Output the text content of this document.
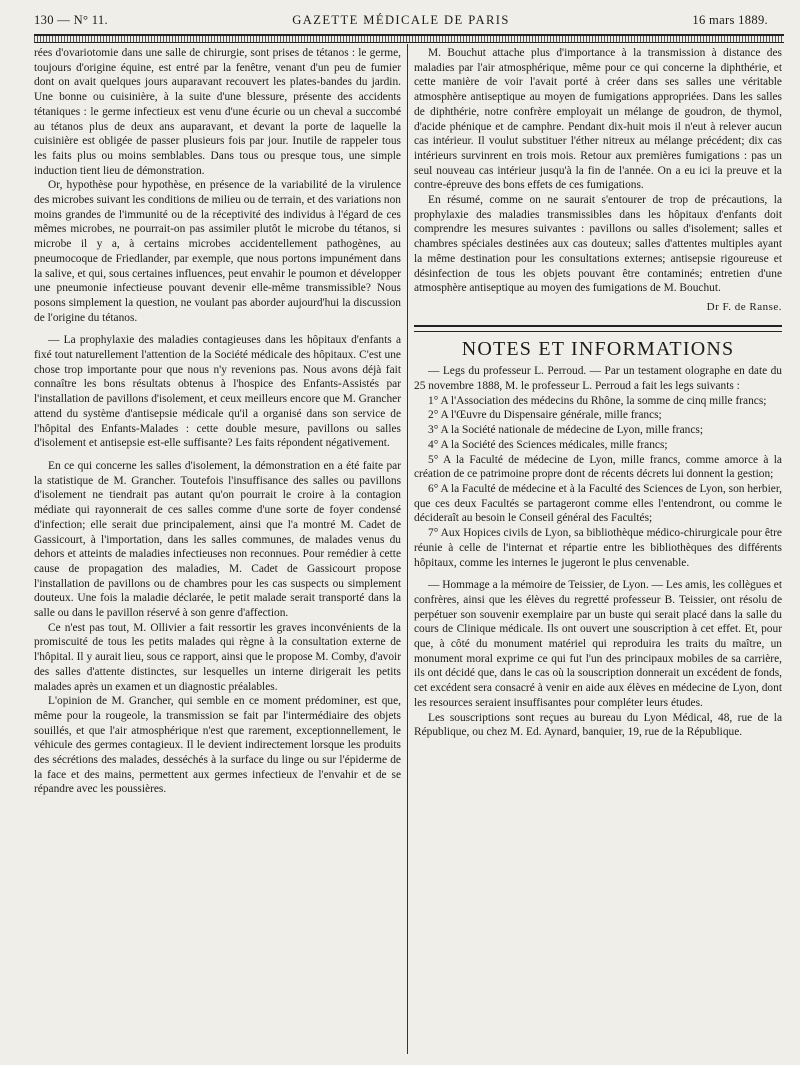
130 — N° 11.	GAZETTE MÉDICALE DE PARIS	16 mars 1889.

rées d'ovariotomie dans une salle de chirurgie, sont prises de tétanos : le germe, toujours d'origine équine, est entré par la fenêtre, venant d'un peu de fumier dont on avait quelques jours auparavant recouvert les plates-bandes du jardin. Une bonne ou cuisinière, à la suite d'une blessure, présente des accidents tétaniques : le germe infectieux est venu d'une écurie ou un cheval a succombé au tétanos plus de deux ans auparavant, et devant la porte de laquelle la cuisinière est obligée de passer plusieurs fois par jour. Inutile de rappeler tous les faits plus ou moins semblables. Dans tous ou presque tous, une simple induction tient lieu de démonstration.

Or, hypothèse pour hypothèse, en présence de la variabilité de la virulence des microbes suivant les conditions de milieu ou de terrain, et des variations non moins grandes de l'immunité ou de la réceptivité des individus à l'égard de ces mêmes microbes, ne pourrait-on pas assimiler plutôt le microbe du tétanos, si microbe il y a, à certains microbes accidentellement pathogènes, au pneumocoque de Friedlander, par exemple, que nous portons impunément dans la salive, et qui, sous certaines influences, peut envahir le poumon et développer une pneumonie infectieuse pouvant devenir elle-même transmissible? Nous posons simplement la question, ne voulant pas aborder aujourd'hui la discussion de l'origine du tétanos.

— La prophylaxie des maladies contagieuses dans les hôpitaux d'enfants a fixé tout naturellement l'attention de la Société médicale des hôpitaux. C'est une chose trop importante pour que nous n'y revenions pas. Nous avons déjà fait connaître les bons résultats obtenus à l'hospice des Enfants-Assistés par l'installation de pavillons d'isolement, et ceux meilleurs encore que M. Grancher attend du système d'antisepsie médicale qu'il a organisé dans son service de l'hôpital des Enfants-Malades : cette double mesure, pavillons ou salles d'isolement et antisepsie est-elle suffisante? Les faits répondent négativement.

En ce qui concerne les salles d'isolement, la démonstration en a été faite par la statistique de M. Grancher. Toutefois l'insuffisance des salles ou pavillons d'isolement ne tiendrait pas autant qu'on pourrait le croire à la contagion médiate qui rayonnerait de ces salles comme d'une sorte de foyer condensé d'infection; elle serait due principalement, ainsi que l'a montré M. Cadet de Gassicourt, à l'importation, dans les salles communes, de malades venus du dehors et atteints de maladies infectieuses non reconnues. Pour remédier à cette cause de propagation des maladies, M. Cadet de Gassicourt propose l'installation de pavillons ou de chambres pour les cas suspects ou simplement douteux. Une fois la maladie déclarée, le petit malade serait transporté dans la salle ou dans le pavillon réservé à son genre d'affection.

Ce n'est pas tout, M. Ollivier a fait ressortir les graves inconvénients de la promiscuité de tous les petits malades qui règne à la consultation externe de l'hôpital. Il y aurait lieu, sous ce rapport, ainsi que le propose M. Comby, d'avoir des salles d'attente distinctes, sur lesquelles un interne dirigerait les petits malades après un examen et un diagnostic préalables.

L'opinion de M. Grancher, qui semble en ce moment prédominer, est que, même pour la rougeole, la transmission se fait par l'intermédiaire des objets souillés, et que l'air atmosphérique n'est que rarement, exceptionnellement, le véhicule des germes contagieux. Il le devient indirectement lorsque les produits des sécrétions des malades, desséchés à la surface du linge ou sur l'épiderme de la face et des mains, permettent aux germes infectieux de l'envahir et de se répandre avec les poussières.

M. Bouchut attache plus d'importance à la transmission à distance des maladies par l'air atmosphérique, même pour ce qui concerne la diphthérie, et cette manière de voir l'avait porté à créer dans ses salles une véritable atmosphère antiseptique au moyen de fumigations appropriées. Dans les salles de diphthérie, notre confrère employait un mélange de goudron, de thymol, d'acide phénique et de camphre. Pendant dix-huit mois il n'eut à relever aucun cas intérieur. Il voulut substituer l'éther nitreux au mélange précédent; dix cas intérieurs survinrent en trois mois. Retour aux premières fumigations : pas un seul nouveau cas intérieur jusqu'à la fin de l'année. On a eu ici la preuve et la contre-épreuve des bons effets de ces fumigations.

En résumé, comme on ne saurait s'entourer de trop de précautions, la prophylaxie des maladies transmissibles dans les hôpitaux d'enfants doit comprendre les mesures suivantes : pavillons ou salles d'isolement; salles et chambres spéciales destinées aux cas douteux; salles d'attentes multiples ayant la même destination pour les consultations externes; antisepsie rigoureuse et désinfection de tous les objets pouvant être contaminés; entretien d'une atmosphère antiseptique au moyen des fumigations de M. Bouchut.

Dr F. de Ranse.
NOTES ET INFORMATIONS

— Legs du professeur L. Perroud. — Par un testament olographe en date du 25 novembre 1888, M. le professeur L. Perroud a fait les legs suivants :

1° A l'Association des médecins du Rhône, la somme de cinq mille francs;

2° A l'Œuvre du Dispensaire générale, mille francs;

3° A la Société nationale de médecine de Lyon, mille francs;

4° A la Société des Sciences médicales, mille francs;

5° A la Faculté de médecine de Lyon, mille francs, comme amorce à la création de ce patrimoine propre dont de récents décrets lui donnent la gestion;

6° A la Faculté de médecine et à la Faculté des Sciences de Lyon, son herbier, que ces deux Facultés se partageront comme elles l'entendront, ou comme le décideraît au besoin le Conseil général des Facultés;

7° Aux Hopices civils de Lyon, sa bibliothèque médico-chirurgicale pour être réunie à celle de l'internat et répartie entre les bibliothèques des différents hôpitaux, comme les internes le jugeront le plus cenvenable.

— Hommage a la mémoire de Teissier, de Lyon. — Les amis, les collègues et confrères, ainsi que les élèves du regretté professeur B. Teissier, ont résolu de perpétuer son souvenir exemplaire par un buste qui serait placé dans la salle du cours de Clinique médicale. Ils ont ouvert une souscription à cet effet. Et, pour que, à côté du monument matériel qui reproduira les traits du maître, un monument moral exprime ce qui fut l'un des principaux mobiles de sa carrière, ils ont décidé que, dans le cas où la souscription donnerait un excédent de fonds, cet excédent sera consacré à venir en aide aux élèves en médecine de Lyon, dont les resources seraient insuffisantes pour compléter leurs études.

Les souscriptions sont reçues au bureau du Lyon Médical, 48, rue de la République, ou chez M. Ed. Aynard, banquier, 19, rue de la République.
